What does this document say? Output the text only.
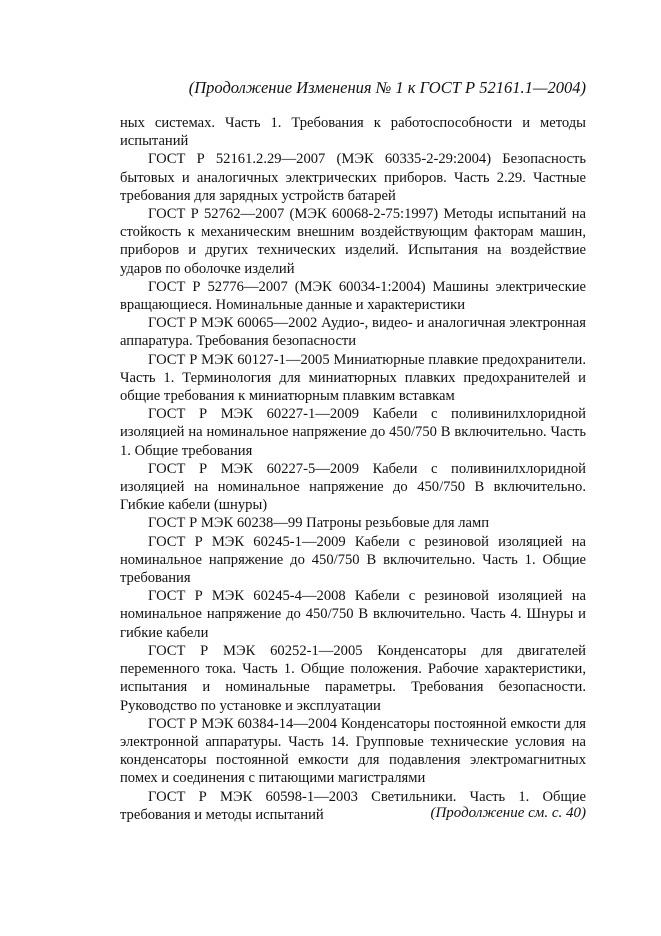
(Продолжение Изменения № 1 к ГОСТ Р 52161.1—2004)

ных системах. Часть 1. Требования к работоспособности и методы испытаний

ГОСТ Р 52161.2.29—2007 (МЭК 60335-2-29:2004) Безопасность бытовых и аналогичных электрических приборов. Часть 2.29. Частные требования для зарядных устройств батарей

ГОСТ Р 52762—2007 (МЭК 60068-2-75:1997) Методы испытаний на стойкость к механическим внешним воздействующим факторам машин, приборов и других технических изделий. Испытания на воздействие ударов по оболочке изделий

ГОСТ Р 52776—2007 (МЭК 60034-1:2004) Машины электрические вращающиеся. Номинальные данные и характеристики

ГОСТ Р МЭК 60065—2002 Аудио-, видео- и аналогичная электронная аппаратура. Требования безопасности

ГОСТ Р МЭК 60127-1—2005 Миниатюрные плавкие предохранители. Часть 1. Терминология для миниатюрных плавких предохранителей и общие требования к миниатюрным плавким вставкам

ГОСТ Р МЭК 60227-1—2009 Кабели с поливинилхлоридной изоляцией на номинальное напряжение до 450/750 В включительно. Часть 1. Общие требования

ГОСТ Р МЭК 60227-5—2009 Кабели с поливинилхлоридной изоляцией на номинальное напряжение до 450/750 В включительно. Гибкие кабели (шнуры)

ГОСТ Р МЭК 60238—99 Патроны резьбовые для ламп

ГОСТ Р МЭК 60245-1—2009 Кабели с резиновой изоляцией на номинальное напряжение до 450/750 В включительно. Часть 1. Общие требования

ГОСТ Р МЭК 60245-4—2008 Кабели с резиновой изоляцией на номинальное напряжение до 450/750 В включительно. Часть 4. Шнуры и гибкие кабели

ГОСТ Р МЭК 60252-1—2005 Конденсаторы для двигателей переменного тока. Часть 1. Общие положения. Рабочие характеристики, испытания и номинальные параметры. Требования безопасности. Руководство по установке и эксплуатации

ГОСТ Р МЭК 60384-14—2004 Конденсаторы постоянной емкости для электронной аппаратуры. Часть 14. Групповые технические условия на конденсаторы постоянной емкости для подавления электромагнитных помех и соединения с питающими магистралями

ГОСТ Р МЭК 60598-1—2003 Светильники. Часть 1. Общие требования и методы испытаний	(Продолжение см. с. 40)
